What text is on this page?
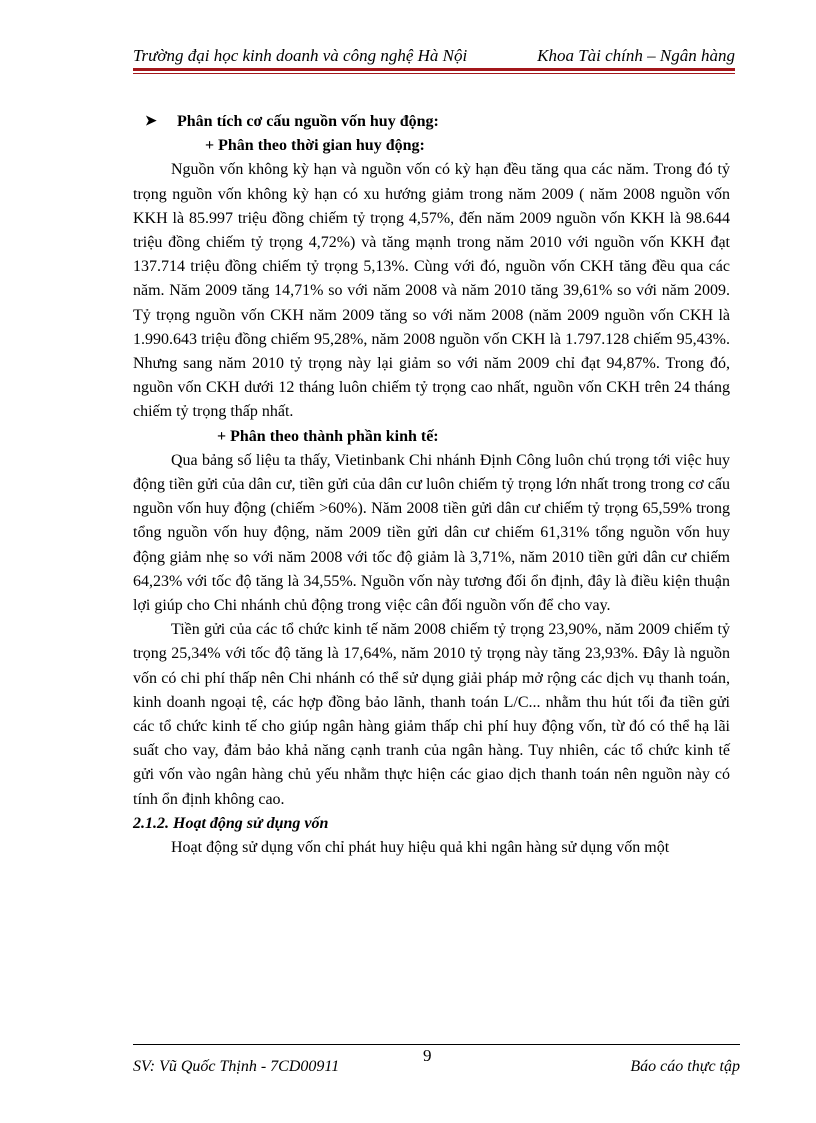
Trường đại học kinh doanh và công nghệ Hà Nội	Khoa Tài chính – Ngân hàng

➤ Phân tích cơ cấu nguồn vốn huy động:

+ Phân theo thời gian huy động:

Nguồn vốn không kỳ hạn và nguồn vốn có kỳ hạn đều tăng qua các năm. Trong đó tỷ trọng nguồn vốn không kỳ hạn có xu hướng giảm trong năm 2009 ( năm 2008 nguồn vốn KKH là 85.997 triệu đồng chiếm tỷ trọng 4,57%, đến năm 2009 nguồn vốn KKH là 98.644 triệu đồng chiếm tỷ trọng 4,72%) và tăng mạnh trong năm 2010 với nguồn vốn KKH đạt 137.714 triệu đồng chiếm tỷ trọng 5,13%. Cùng với đó, nguồn vốn CKH tăng đều qua các năm. Năm 2009 tăng 14,71% so với năm 2008 và năm 2010 tăng 39,61% so với năm 2009. Tỷ trọng nguồn vốn CKH năm 2009 tăng so với năm 2008 (năm 2009 nguồn vốn CKH là 1.990.643 triệu đồng chiếm 95,28%, năm 2008 nguồn vốn CKH là 1.797.128 chiếm 95,43%. Nhưng sang năm 2010 tỷ trọng này lại giảm so với năm 2009 chỉ đạt 94,87%. Trong đó, nguồn vốn CKH dưới 12 tháng luôn chiếm tỷ trọng cao nhất, nguồn vốn CKH trên 24 tháng chiếm tỷ trọng thấp nhất.

+ Phân theo thành phần kinh tế:

Qua bảng số liệu ta thấy, Vietinbank Chi nhánh Định Công luôn chú trọng tới việc huy động tiền gửi của dân cư, tiền gửi của dân cư luôn chiếm tỷ trọng lớn nhất trong trong cơ cấu nguồn vốn huy động (chiếm >60%). Năm 2008 tiền gửi dân cư chiếm tỷ trọng 65,59% trong tổng nguồn vốn huy động, năm 2009 tiền gửi dân cư chiếm 61,31% tổng nguồn vốn huy động giảm nhẹ so với năm 2008 với tốc độ giảm là 3,71%, năm 2010 tiền gửi dân cư chiếm 64,23% với tốc độ tăng là 34,55%. Nguồn vốn này tương đối ổn định, đây là điều kiện thuận lợi giúp cho Chi nhánh chủ động trong việc cân đối nguồn vốn để cho vay.

Tiền gửi của các tổ chức kinh tế năm 2008 chiếm tỷ trọng 23,90%, năm 2009 chiếm tỷ trọng 25,34% với tốc độ tăng là 17,64%, năm 2010 tỷ trọng này tăng 23,93%. Đây là nguồn vốn có chi phí thấp nên Chi nhánh có thể sử dụng giải pháp mở rộng các dịch vụ thanh toán, kinh doanh ngoại tệ, các hợp đồng bảo lãnh, thanh toán L/C... nhằm thu hút tối đa tiền gửi các tổ chức kinh tế cho giúp ngân hàng giảm thấp chi phí huy động vốn, từ đó có thể hạ lãi suất cho vay, đảm bảo khả năng cạnh tranh của ngân hàng. Tuy nhiên, các tổ chức kinh tế gửi vốn vào ngân hàng chủ yếu nhằm thực hiện các giao dịch thanh toán nên nguồn này có tính ổn định không cao.

2.1.2. Hoạt động sử dụng vốn

Hoạt động sử dụng vốn chỉ phát huy hiệu quả khi ngân hàng sử dụng vốn một

SV: Vũ Quốc Thịnh - 7CD00911
9
Báo cáo thực tập
